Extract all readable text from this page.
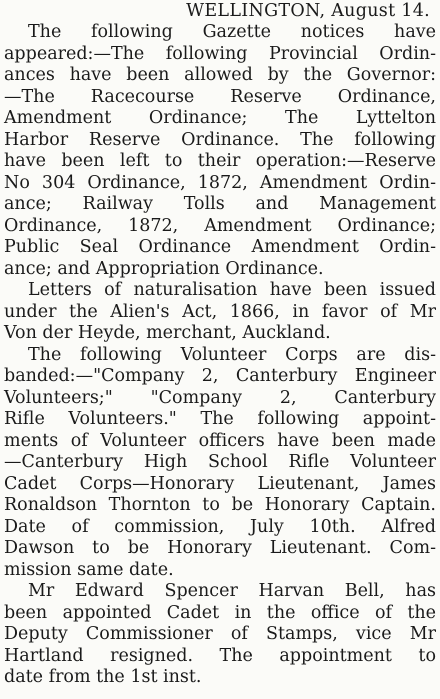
WELLINGTON, August 14.

The following Gazette notices have
appeared:—The following Provincial Ordin-
ances have been allowed by the Governor:
—The Racecourse Reserve Ordinance,
Amendment Ordinance; The Lyttelton
Harbor Reserve Ordinance. The following
have been left to their operation:—Reserve
No 304 Ordinance, 1872, Amendment Ordin-
ance; Railway Tolls and Management
Ordinance, 1872, Amendment Ordinance;
Public Seal Ordinance Amendment Ordin-
ance; and Appropriation Ordinance.
Letters of naturalisation have been issued
under the Alien's Act, 1866, in favor of Mr
Von der Heyde, merchant, Auckland.
The following Volunteer Corps are dis-
banded:—"Company 2, Canterbury Engineer
Volunteers;" "Company 2, Canterbury
Rifle Volunteers." The following appoint-
ments of Volunteer officers have been made
—Canterbury High School Rifle Volunteer
Cadet Corps—Honorary Lieutenant, James
Ronaldson Thornton to be Honorary Captain.
Date of commission, July 10th. Alfred
Dawson to be Honorary Lieutenant. Com-
mission same date.
Mr Edward Spencer Harvan Bell, has
been appointed Cadet in the office of the
Deputy Commissioner of Stamps, vice Mr
Hartland resigned. The appointment to
date from the 1st inst.
